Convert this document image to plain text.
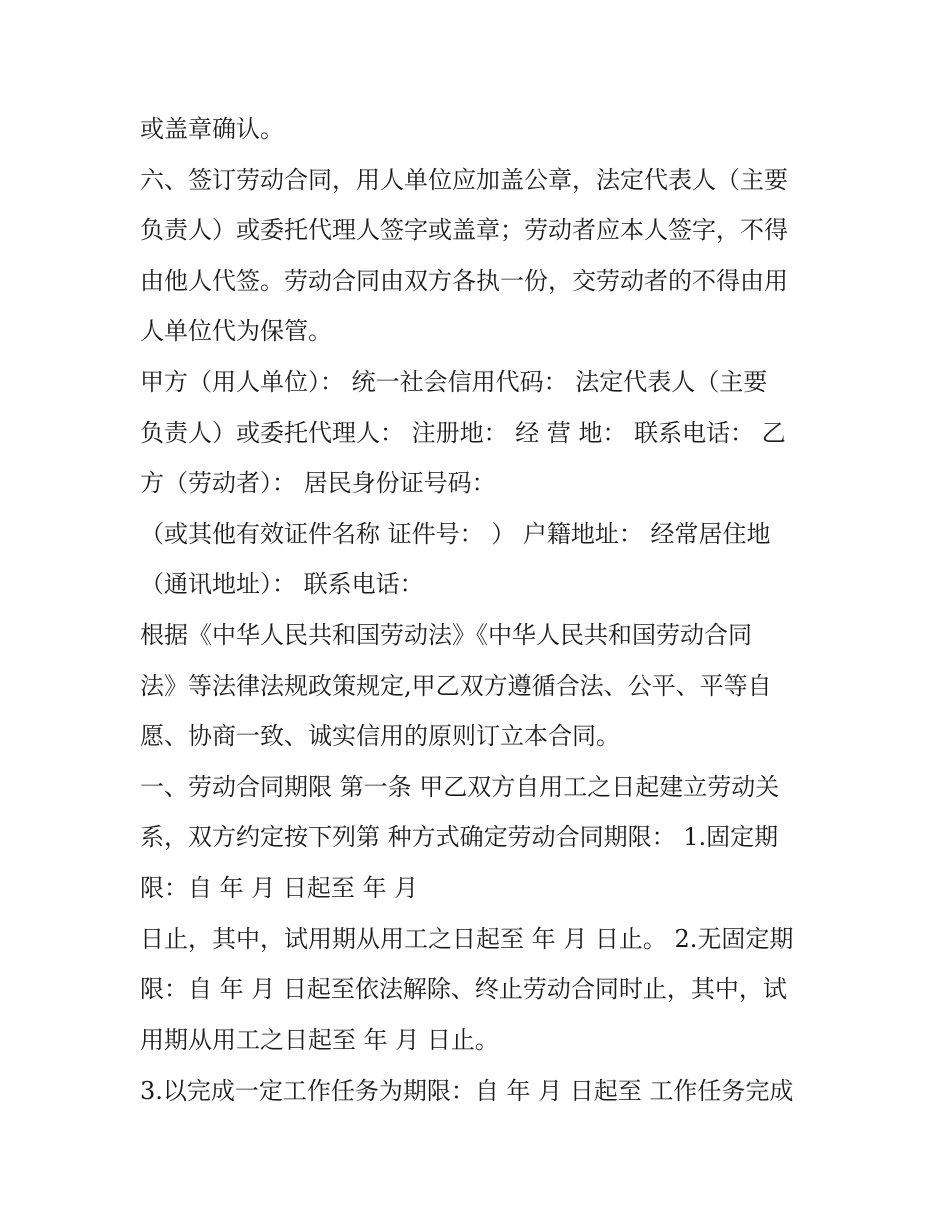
或盖章确认。
六、签订劳动合同，用人单位应加盖公章，法定代表人（主要
负责人）或委托代理人签字或盖章；劳动者应本人签字，不得
由他人代签。劳动合同由双方各执一份，交劳动者的不得由用
人单位代为保管。
甲方（用人单位）： 统一社会信用代码： 法定代表人（主要
负责人）或委托代理人： 注册地： 经 营 地： 联系电话： 乙
方（劳动者）： 居民身份证号码：
（或其他有效证件名称 证件号： ） 户籍地址： 经常居住地
（通讯地址）： 联系电话：
根据《中华人民共和国劳动法》《中华人民共和国劳动合同
法》等法律法规政策规定,甲乙双方遵循合法、公平、平等自
愿、协商一致、诚实信用的原则订立本合同。
一、劳动合同期限 第一条 甲乙双方自用工之日起建立劳动关
系，双方约定按下列第 种方式确定劳动合同期限： 1.固定期
限：自 年 月 日起至 年 月
日止，其中，试用期从用工之日起至 年 月 日止。 2.无固定期
限：自 年 月 日起至依法解除、终止劳动合同时止，其中，试
用期从用工之日起至 年 月 日止。
3.以完成一定工作任务为期限：自 年 月 日起至 工作任务完成
